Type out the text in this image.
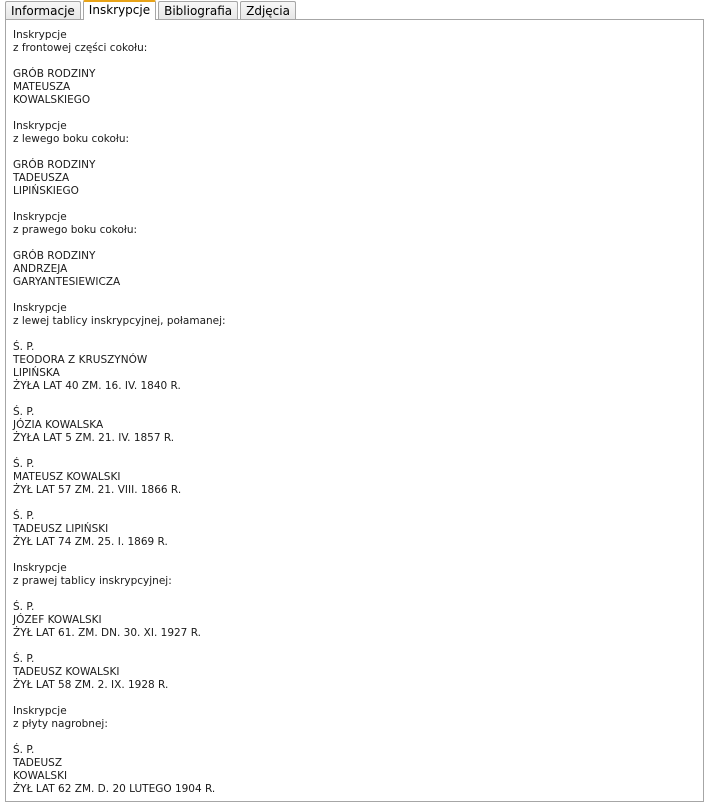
Informacje	Inskrypcje	Bibliografia	Zdjęcia
Inskrypcje
z frontowej części cokołu:
GRÓB RODZINY
MATEUSZA
KOWALSKIEGO
Inskrypcje
z lewego boku cokołu:
GRÓB RODZINY
TADEUSZA
LIPIŃSKIEGO
Inskrypcje
z prawego boku cokołu:
GRÓB RODZINY
ANDRZEJA
GARYANTESIEWICZA
Inskrypcje
z lewej tablicy inskrypcyjnej, połamanej:
Ś. P.
TEODORA Z KRUSZYNÓW
LIPIŃSKA
ŻYŁA LAT 40 ZM. 16. IV. 1840 R.
Ś. P.
JÓZIA KOWALSKA
ŻYŁA LAT 5 ZM. 21. IV. 1857 R.
Ś. P.
MATEUSZ KOWALSKI
ŻYŁ LAT 57 ZM. 21. VIII. 1866 R.
Ś. P.
TADEUSZ LIPIŃSKI
ŻYŁ LAT 74 ZM. 25. I. 1869 R.
Inskrypcje
z prawej tablicy inskrypcyjnej:
Ś. P.
JÓZEF KOWALSKI
ŻYŁ LAT 61. ZM. DN. 30. XI. 1927 R.
Ś. P.
TADEUSZ KOWALSKI
ŻYŁ LAT 58 ZM. 2. IX. 1928 R.
Inskrypcje
z płyty nagrobnej:
Ś. P.
TADEUSZ
KOWALSKI
ŻYŁ LAT 62 ZM. D. 20 LUTEGO 1904 R.
